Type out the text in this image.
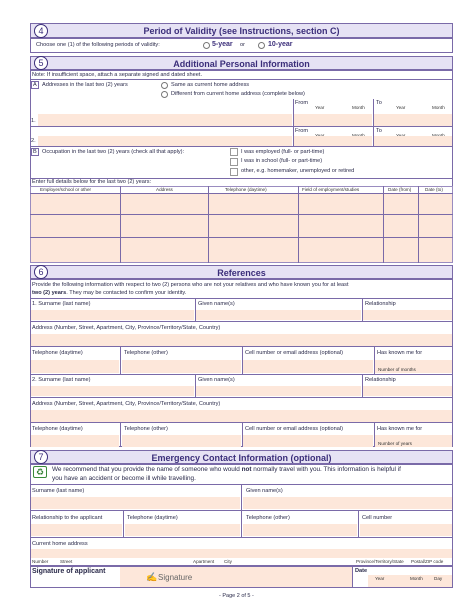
Period of Validity (see Instructions, section C)
4
Choose one (1) of the following periods of validity:	5-year or	10-year
Additional Personal Information
5
Note: If insufficient space, attach a separate signed and dated sheet.
A Addresses in the last two (2) years	Same as current home address
Different from current home address (complete below)
From
Year	Month
To
Year	Month
1.
From	To
2.
B Occupation in the last two (2) years (check all that apply):	I was employed (full- or part-time)
I was in school (full- or part-time)
other, e.g. homemaker, unemployed or retired
Enter full details below for the last two (2) years:
Employer/school or other	Address	Telephone (daytime)	Field of employment/studies	Date (from)	Date (to)
References
6
Provide the following information with respect to two (2) persons who are not your relatives and who have known you for at least
two (2) years. They may be contacted to confirm your identity.
1. Surname (last name)	Given name(s)	Relationship
Address (Number, Street, Apartment, City, Province/Territory/State, Country)
Telephone (daytime)	Telephone (other)	Cell number or email address (optional)	Has known me for
Number of months
2. Surname (last name)	Given name(s)	Relationship
Address (Number, Street, Apartment, City, Province/Territory/State, Country)
Telephone (daytime)	Telephone (other)	Cell number or email address (optional)	Has known me for
Number of years
Emergency Contact Information (optional)
7
♻	We recommend that you provide the name of someone who would not normally travel with you. This information is helpful if
you have an accident or become ill while travelling.
Surname (last name)	Given name(s)
Relationship to the applicant	Telephone (daytime)	Telephone (other)	Cell number
Current home address
Number	Street	Apartment City	Province/Territory/State Postal/ZIP code
Signature of applicant
✍ Signature
Date
Year	Month Day
- Page 2 of 5 -
